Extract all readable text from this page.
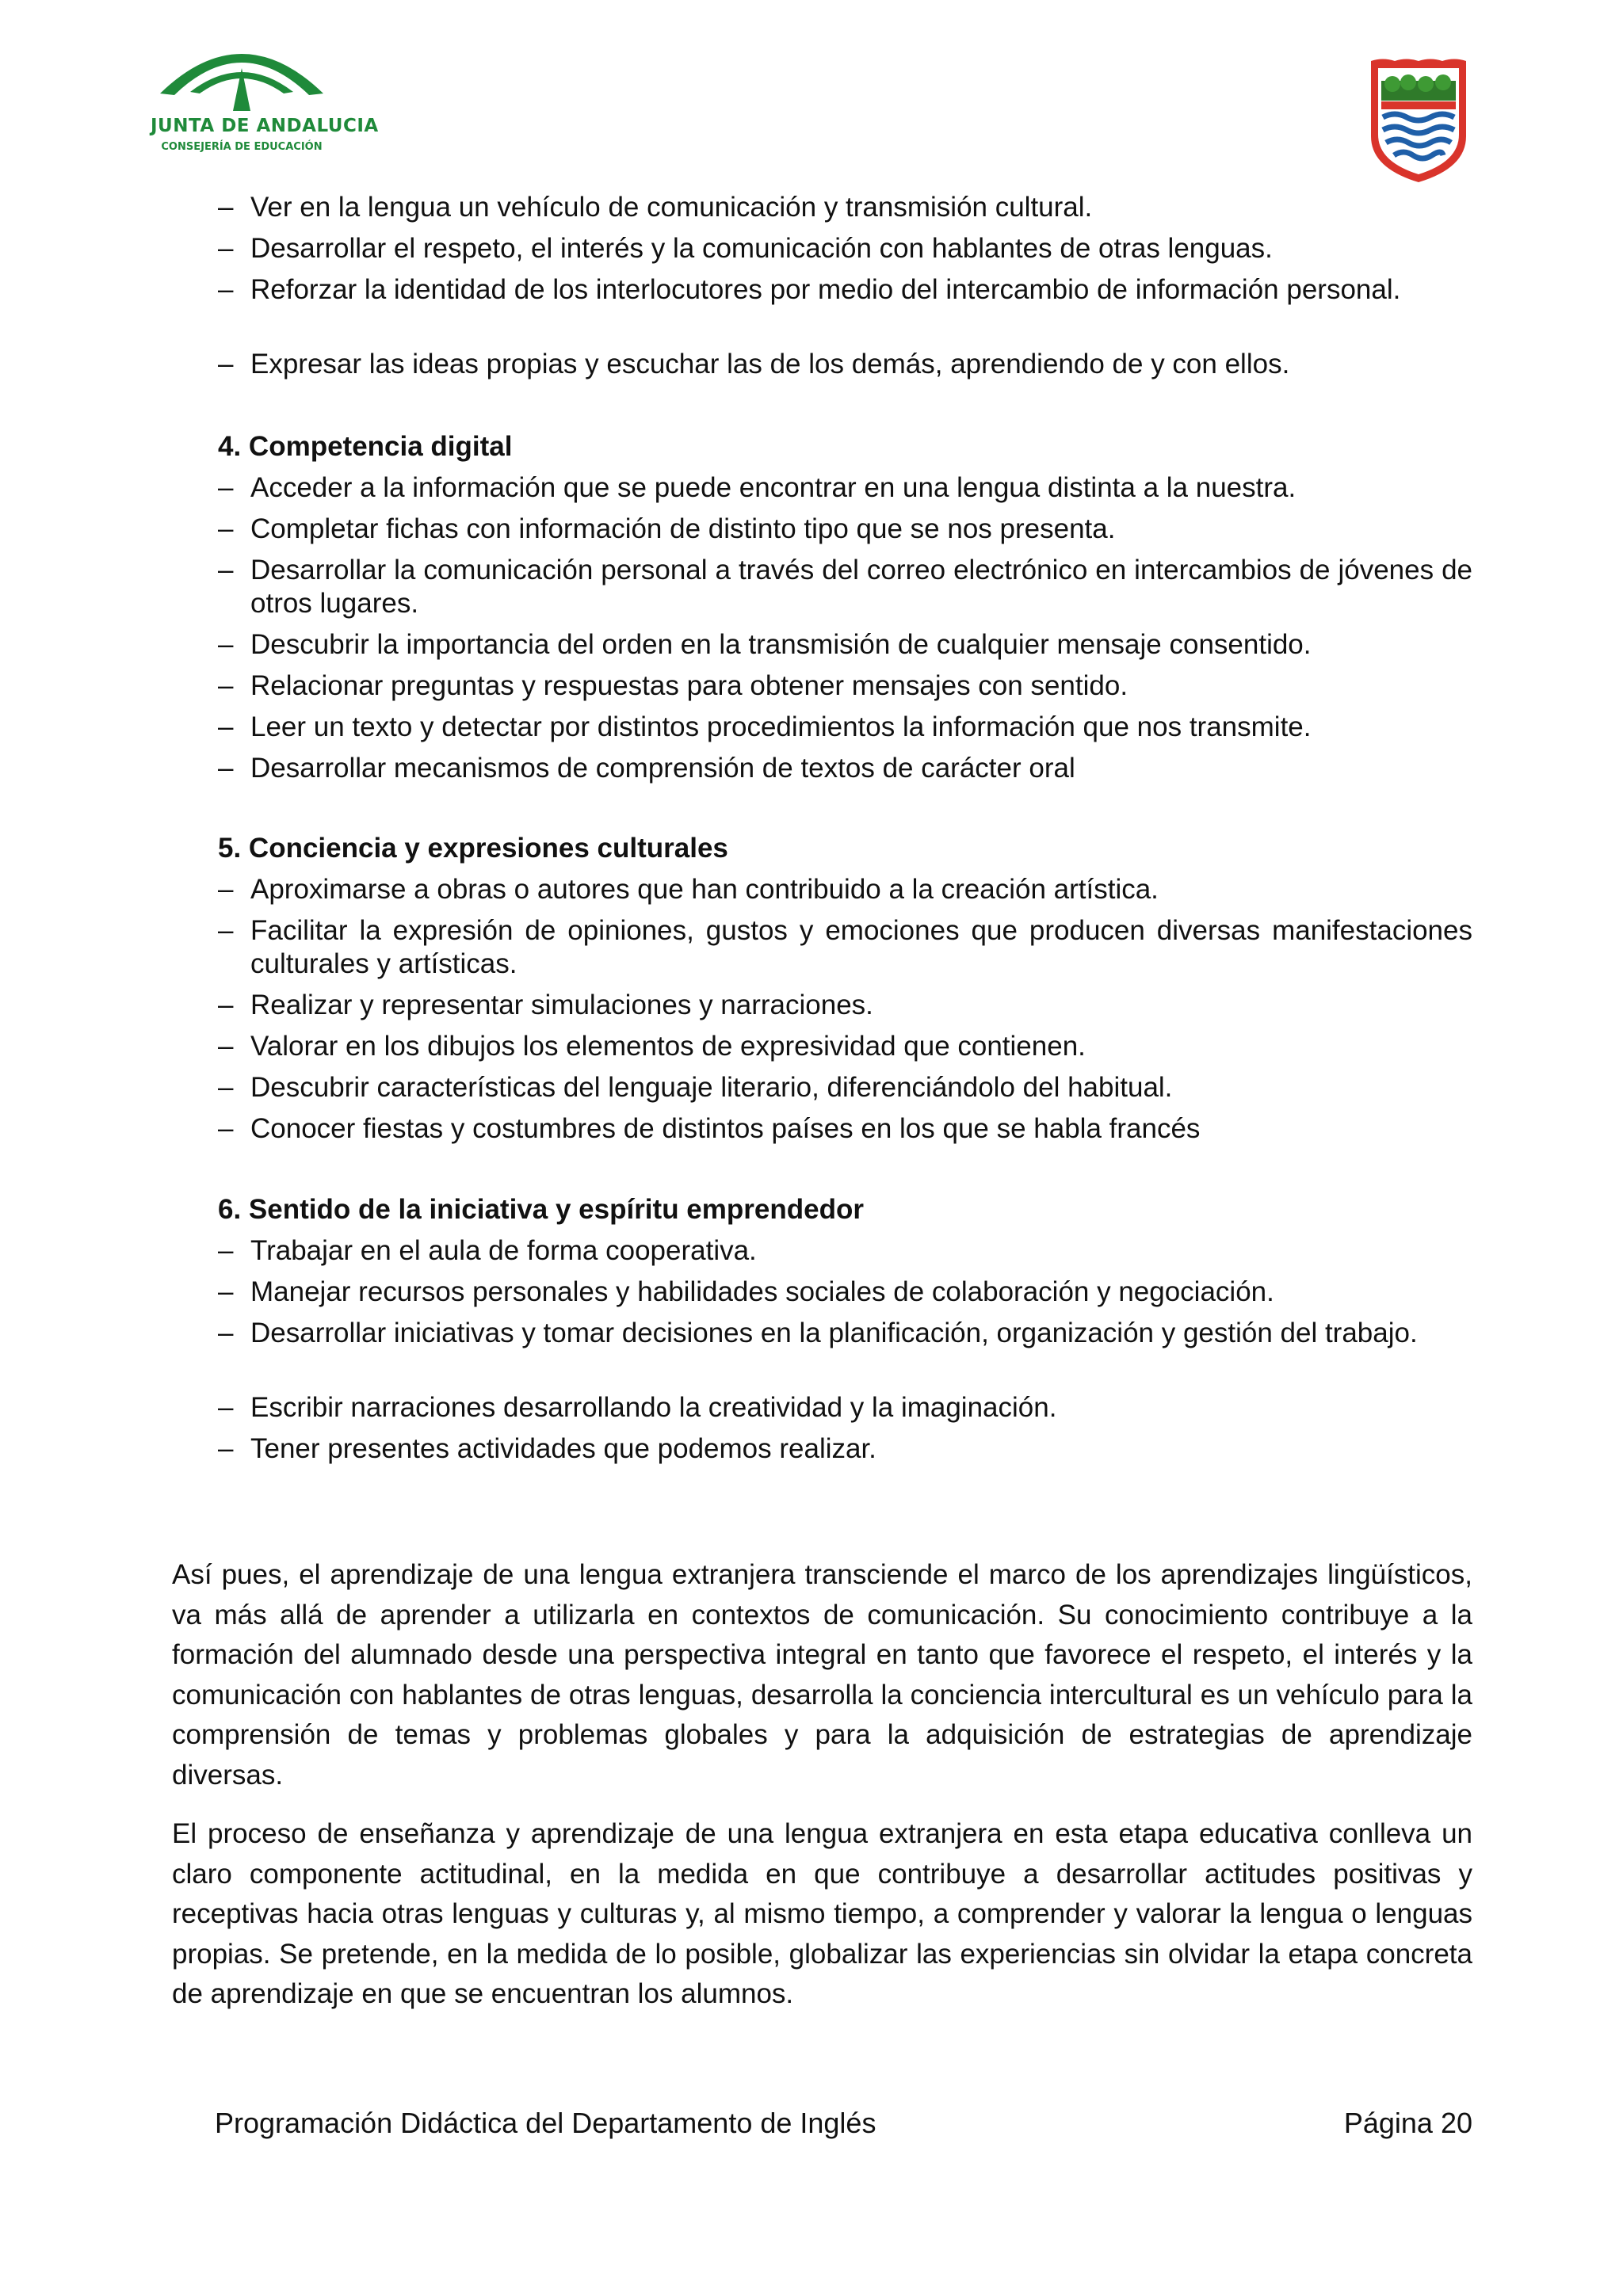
JUNTA DE ANDALUCIA
CONSEJERÍA DE EDUCACIÓN
– Ver en la lengua un vehículo de comunicación y transmisión cultural.
– Desarrollar el respeto, el interés y la comunicación con hablantes de otras lenguas.
– Reforzar la identidad de los interlocutores por medio del intercambio de información personal.
– Expresar las ideas propias y escuchar las de los demás, aprendiendo de y con ellos.
4. Competencia digital
– Acceder a la información que se puede encontrar en una lengua distinta a la nuestra.
– Completar fichas con información de distinto tipo que se nos presenta.
– Desarrollar la comunicación personal a través del correo electrónico en intercambios de jóvenes de otros lugares.
– Descubrir la importancia del orden en la transmisión de cualquier mensaje consentido.
– Relacionar preguntas y respuestas para obtener mensajes con sentido.
– Leer un texto y detectar por distintos procedimientos la información que nos transmite.
– Desarrollar mecanismos de comprensión de textos de carácter oral
5. Conciencia y expresiones culturales
– Aproximarse a obras o autores que han contribuido a la creación artística.
– Facilitar la expresión de opiniones, gustos y emociones que producen diversas manifestaciones culturales y artísticas.
– Realizar y representar simulaciones y narraciones.
– Valorar en los dibujos los elementos de expresividad que contienen.
– Descubrir características del lenguaje literario, diferenciándolo del habitual.
– Conocer fiestas y costumbres de distintos países en los que se habla francés
6. Sentido de la iniciativa y espíritu emprendedor
– Trabajar en el aula de forma cooperativa.
– Manejar recursos personales y habilidades sociales de colaboración y negociación.
– Desarrollar iniciativas y tomar decisiones en la planificación, organización y gestión del trabajo.
– Escribir narraciones desarrollando la creatividad y la imaginación.
– Tener presentes actividades que podemos realizar.

Así pues, el aprendizaje de una lengua extranjera transciende el marco de los aprendizajes lingüísticos, va más allá de aprender a utilizarla en contextos de comunicación. Su conocimiento contribuye a la formación del alumnado desde una perspectiva integral en tanto que favorece el respeto, el interés y la comunicación con hablantes de otras lenguas, desarrolla la conciencia intercultural es un vehículo para la comprensión de temas y problemas globales y para la adquisición de estrategias de aprendizaje diversas.

El proceso de enseñanza y aprendizaje de una lengua extranjera en esta etapa educativa conlleva un claro componente actitudinal, en la medida en que contribuye a desarrollar actitudes positivas y receptivas hacia otras lenguas y culturas y, al mismo tiempo, a comprender y valorar la lengua o lenguas propias. Se pretende, en la medida de lo posible, globalizar las experiencias sin olvidar la etapa concreta de aprendizaje en que se encuentran los alumnos.

Programación Didáctica del Departamento de Inglés	Página 20
